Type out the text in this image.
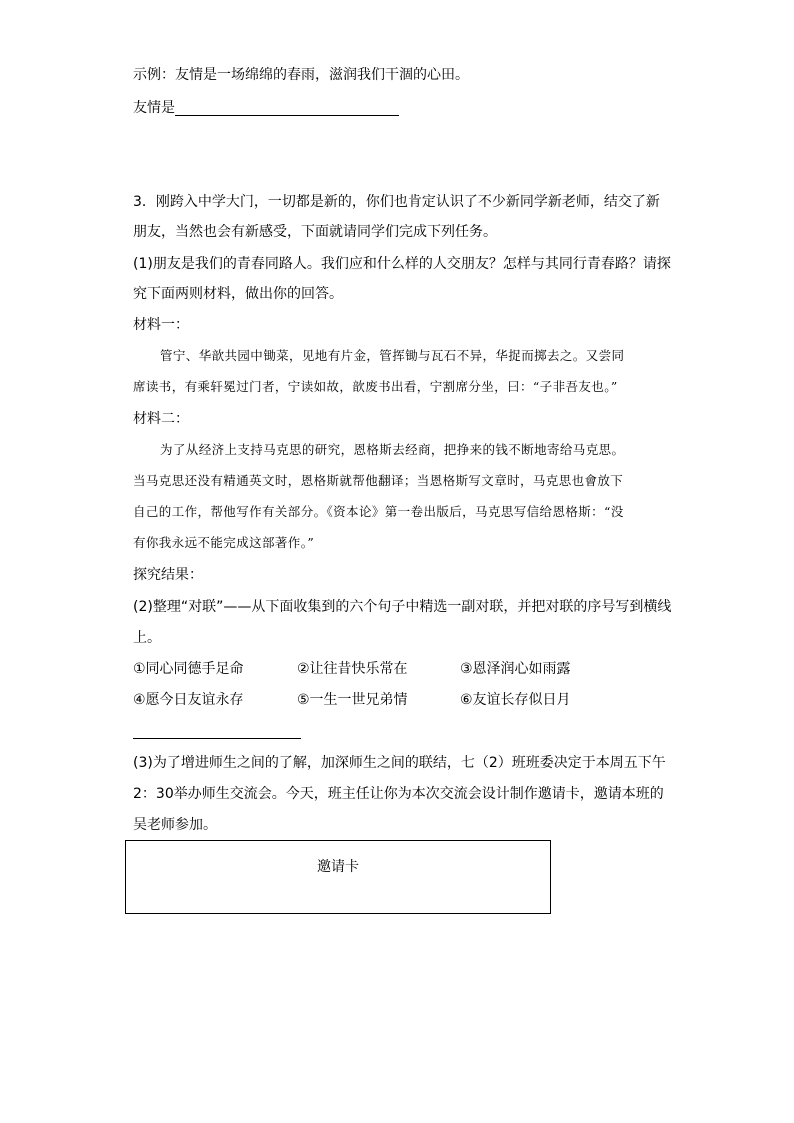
示例：友情是一场绵绵的春雨，滋润我们干涸的心田。
友情是
3．刚跨入中学大门，一切都是新的，你们也肯定认识了不少新同学新老师，结交了新
朋友，当然也会有新感受，下面就请同学们完成下列任务。
(1)朋友是我们的青春同路人。我们应和什么样的人交朋友？怎样与其同行青春路？请探
究下面两则材料，做出你的回答。
材料一：
管宁、华歆共园中锄菜，见地有片金，管挥锄与瓦石不异，华捉而掷去之。又尝同
席读书，有乘轩冕过门者，宁读如故，歆废书出看，宁割席分坐，曰：“子非吾友也。”
材料二：
为了从经济上支持马克思的研究，恩格斯去经商，把挣来的钱不断地寄给马克思。
当马克思还没有精通英文时，恩格斯就帮他翻译；当恩格斯写文章时，马克思也會放下
自己的工作，帮他写作有关部分。《资本论》第一卷出版后，马克思写信给恩格斯：“没
有你我永远不能完成这部著作。”
探究结果：
(2)整理“对联”——从下面收集到的六个句子中精选一副对联，并把对联的序号写到横线
上。
①同心同德手足命	②让往昔快乐常在	③恩泽润心如雨露
④愿今日友谊永存	⑤一生一世兄弟情	⑥友谊长存似日月
(3)为了增进师生之间的了解，加深师生之间的联结，七（2）班班委决定于本周五下午
2：30举办师生交流会。今天，班主任让你为本次交流会设计制作邀请卡，邀请本班的
吴老师参加。
邀请卡
